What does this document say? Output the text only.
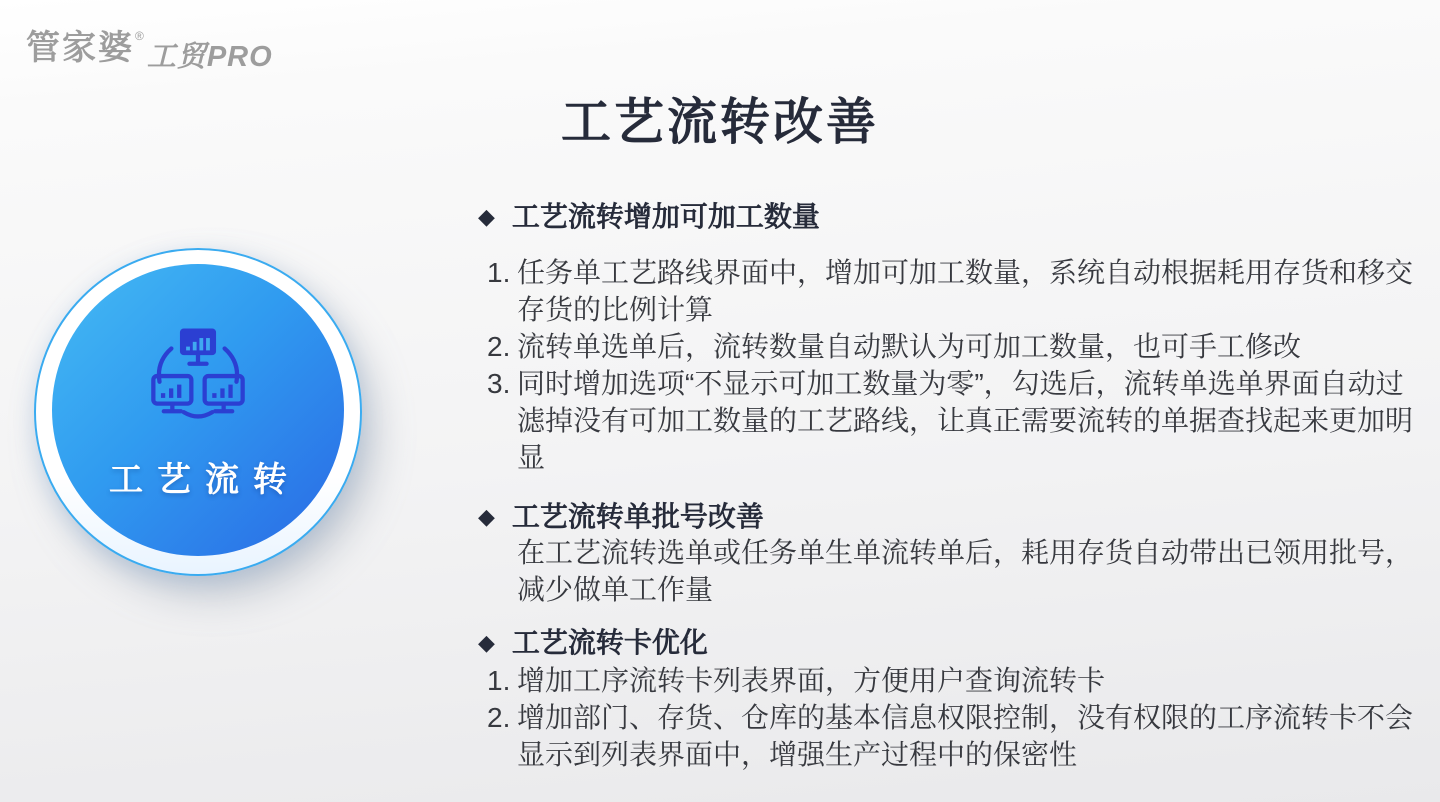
管家婆 ®
工贸PRO
工艺流转改善
工艺流转
◆ 工艺流转增加可加工数量
1. 任务单工艺路线界面中，增加可加工数量，系统自动根据耗用存货和移交存货的比例计算
2. 流转单选单后，流转数量自动默认为可加工数量，也可手工修改
3. 同时增加选项“不显示可加工数量为零”，勾选后，流转单选单界面自动过滤掉没有可加工数量的工艺路线，让真正需要流转的单据查找起来更加明显
◆ 工艺流转单批号改善
在工艺流转选单或任务单生单流转单后，耗用存货自动带出已领用批号，减少做单工作量
◆ 工艺流转卡优化
1. 增加工序流转卡列表界面，方便用户查询流转卡
2. 增加部门、存货、仓库的基本信息权限控制，没有权限的工序流转卡不会显示到列表界面中，增强生产过程中的保密性
